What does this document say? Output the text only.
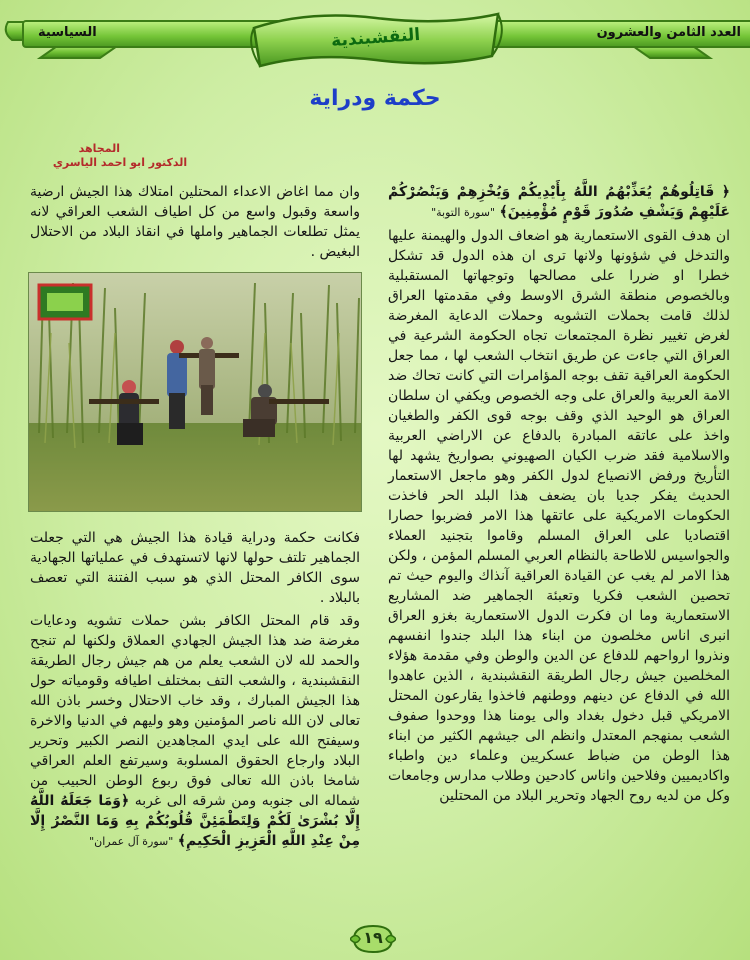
السياسية	العدد الثامن والعشرون
النقشبندية
حكمة ودراية
المجاهد
الدكتور ابو احمد الياسري

﴿ قَاتِلُوهُمْ يُعَذِّبْهُمُ اللَّهُ بِأَيْدِيكُمْ وَيُخْزِهِمْ وَيَنْصُرْكُمْ عَلَيْهِمْ وَيَشْفِ صُدُورَ قَوْمٍ مُؤْمِنِينَ﴾ "سورة التوبة"

ان هدف القوى الاستعمارية هو اضعاف الدول والهيمنة عليها والتدخل في شؤونها ولانها ترى ان هذه الدول قد تشكل خطرا او ضررا على مصالحها وتوجهاتها المستقبلية وبالخصوص منطقة الشرق الاوسط وفي مقدمتها العراق لذلك قامت بحملات التشويه وحملات الدعاية المغرضة لغرض تغيير نظرة المجتمعات تجاه الحكومة الشرعية في العراق التي جاءت عن طريق انتخاب الشعب لها ، مما جعل الحكومة العراقية تقف بوجه المؤامرات التي كانت تحاك ضد الامة العربية والعراق على وجه الخصوص ويكفي ان سلطان العراق هو الوحيد الذي وقف بوجه قوى الكفر والطغيان واخذ على عاتقه المبادرة بالدفاع عن الاراضي العربية والاسلامية فقد ضرب الكيان الصهيوني بصواريخ يشهد لها التأريخ ورفض الانصياع لدول الكفر وهو ماجعل الاستعمار الحديث يفكر جديا بان يضعف هذا البلد الحر فاخذت الحكومات الامريكية على عاتقها هذا الامر فضربوا حصارا اقتصاديا على العراق المسلم وقاموا بتجنيد العملاء والجواسيس للاطاحة بالنظام العربي المسلم المؤمن ، ولكن هذا الامر لم يغب عن القيادة العراقية آنذاك واليوم حيث تم تحصين الشعب فكريا وتعبئة الجماهير ضد المشاريع الاستعمارية وما ان فكرت الدول الاستعمارية بغزو العراق انبرى اناس مخلصون من ابناء هذا البلد جندوا انفسهم ونذروا ارواحهم للدفاع عن الدين والوطن وفي مقدمة هؤلاء المخلصين جيش رجال الطريقة النقشبندية ، الذين عاهدوا الله في الدفاع عن دينهم ووطنهم فاخذوا يقارعون المحتل الامريكي قبل دخول بغداد والى يومنا هذا ووحدوا صفوف الشعب بمنهجم المعتدل وانظم الى جيشهم الكثير من ابناء هذا الوطن من ضباط عسكريين وعلماء دين واطباء واكاديميين وفلاحين واناس كادحين وطلاب مدارس وجامعات وكل من لديه روح الجهاد وتحرير البلاد من المحتلين

وان مما اغاض الاعداء المحتلين امتلاك هذا الجيش ارضية واسعة وقبول واسع من كل اطياف الشعب العراقي لانه يمثل تطلعات الجماهير واملها في انقاذ البلاد من الاحتلال البغيض .

فكانت حكمة ودراية قيادة هذا الجيش هي التي جعلت الجماهير تلتف حولها لانها لاتستهدف في عملياتها الجهادية سوى الكافر المحتل الذي هو سبب الفتنة التي تعصف بالبلاد .

وقد قام المحتل الكافر بشن حملات تشويه ودعايات مغرضة ضد هذا الجيش الجهادي العملاق ولكنها لم تنجح والحمد لله لان الشعب يعلم من هم جيش رجال الطريقة النقشبندية ، والشعب التف بمختلف اطيافه وقومياته حول هذا الجيش المبارك ، وقد خاب الاحتلال وخسر باذن الله تعالى لان الله ناصر المؤمنين وهو وليهم في الدنيا والاخرة وسيفتح الله على ايدي المجاهدين النصر الكبير وتحرير البلاد وارجاع الحقوق المسلوبة وسيرتفع العلم العراقي شامخا باذن الله تعالى فوق ربوع الوطن الحبيب من شماله الى جنوبه ومن شرقه الى غربه ﴿وَمَا جَعَلَهُ اللَّهُ إِلَّا بُشْرَىٰ لَكُمْ وَلِتَطْمَئِنَّ قُلُوبُكُمْ بِهِ وَمَا النَّصْرُ إِلَّا مِنْ عِنْدِ اللَّهِ الْعَزِيزِ الْحَكِيمِ﴾ "سورة آل عمران"

١٩
